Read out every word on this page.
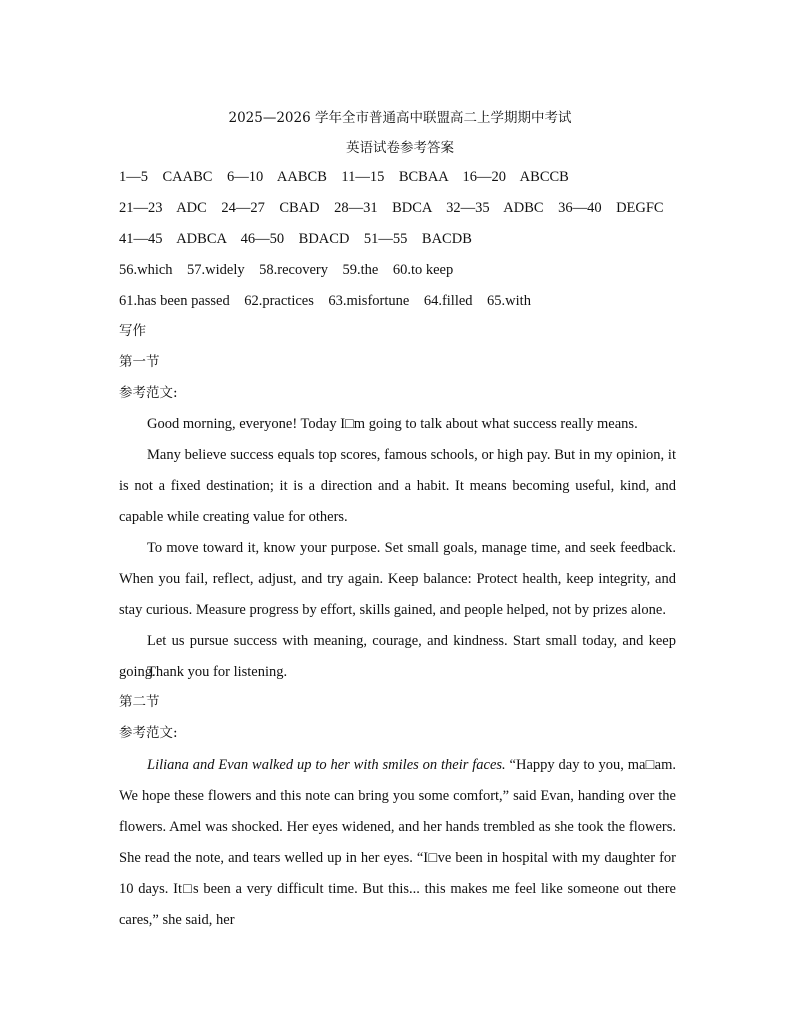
2025—2026 学年全市普通高中联盟高二上学期期中考试
英语试卷参考答案
1—5    CAABC    6—10    AABCB    11—15    BCBAA    16—20    ABCCB
21—23    ADC    24—27    CBAD    28—31    BDCA    32—35    ADBC    36—40    DEGFC
41—45    ADBCA    46—50    BDACD    51—55    BACDB
56.which    57.widely    58.recovery    59.the    60.to keep
61.has been passed    62.practices    63.misfortune    64.filled    65.with
写作
第一节
参考范文:
Good morning, everyone! Today I□m going to talk about what success really means.
Many believe success equals top scores, famous schools, or high pay. But in my opinion, it is not a fixed destination; it is a direction and a habit. It means becoming useful, kind, and capable while creating value for others.
To move toward it, know your purpose. Set small goals, manage time, and seek feedback. When you fail, reflect, adjust, and try again. Keep balance: Protect health, keep integrity, and stay curious. Measure progress by effort, skills gained, and people helped, not by prizes alone.
Let us pursue success with meaning, courage, and kindness. Start small today, and keep going.
Thank you for listening.
第二节
参考范文:
Liliana and Evan walked up to her with smiles on their faces. “Happy day to you, ma□am. We hope these flowers and this note can bring you some comfort,” said Evan, handing over the flowers. Amel was shocked. Her eyes widened, and her hands trembled as she took the flowers. She read the note, and tears welled up in her eyes. “I□ve been in hospital with my daughter for 10 days. It□s been a very difficult time. But this... this makes me feel like someone out there cares,” she said, her
